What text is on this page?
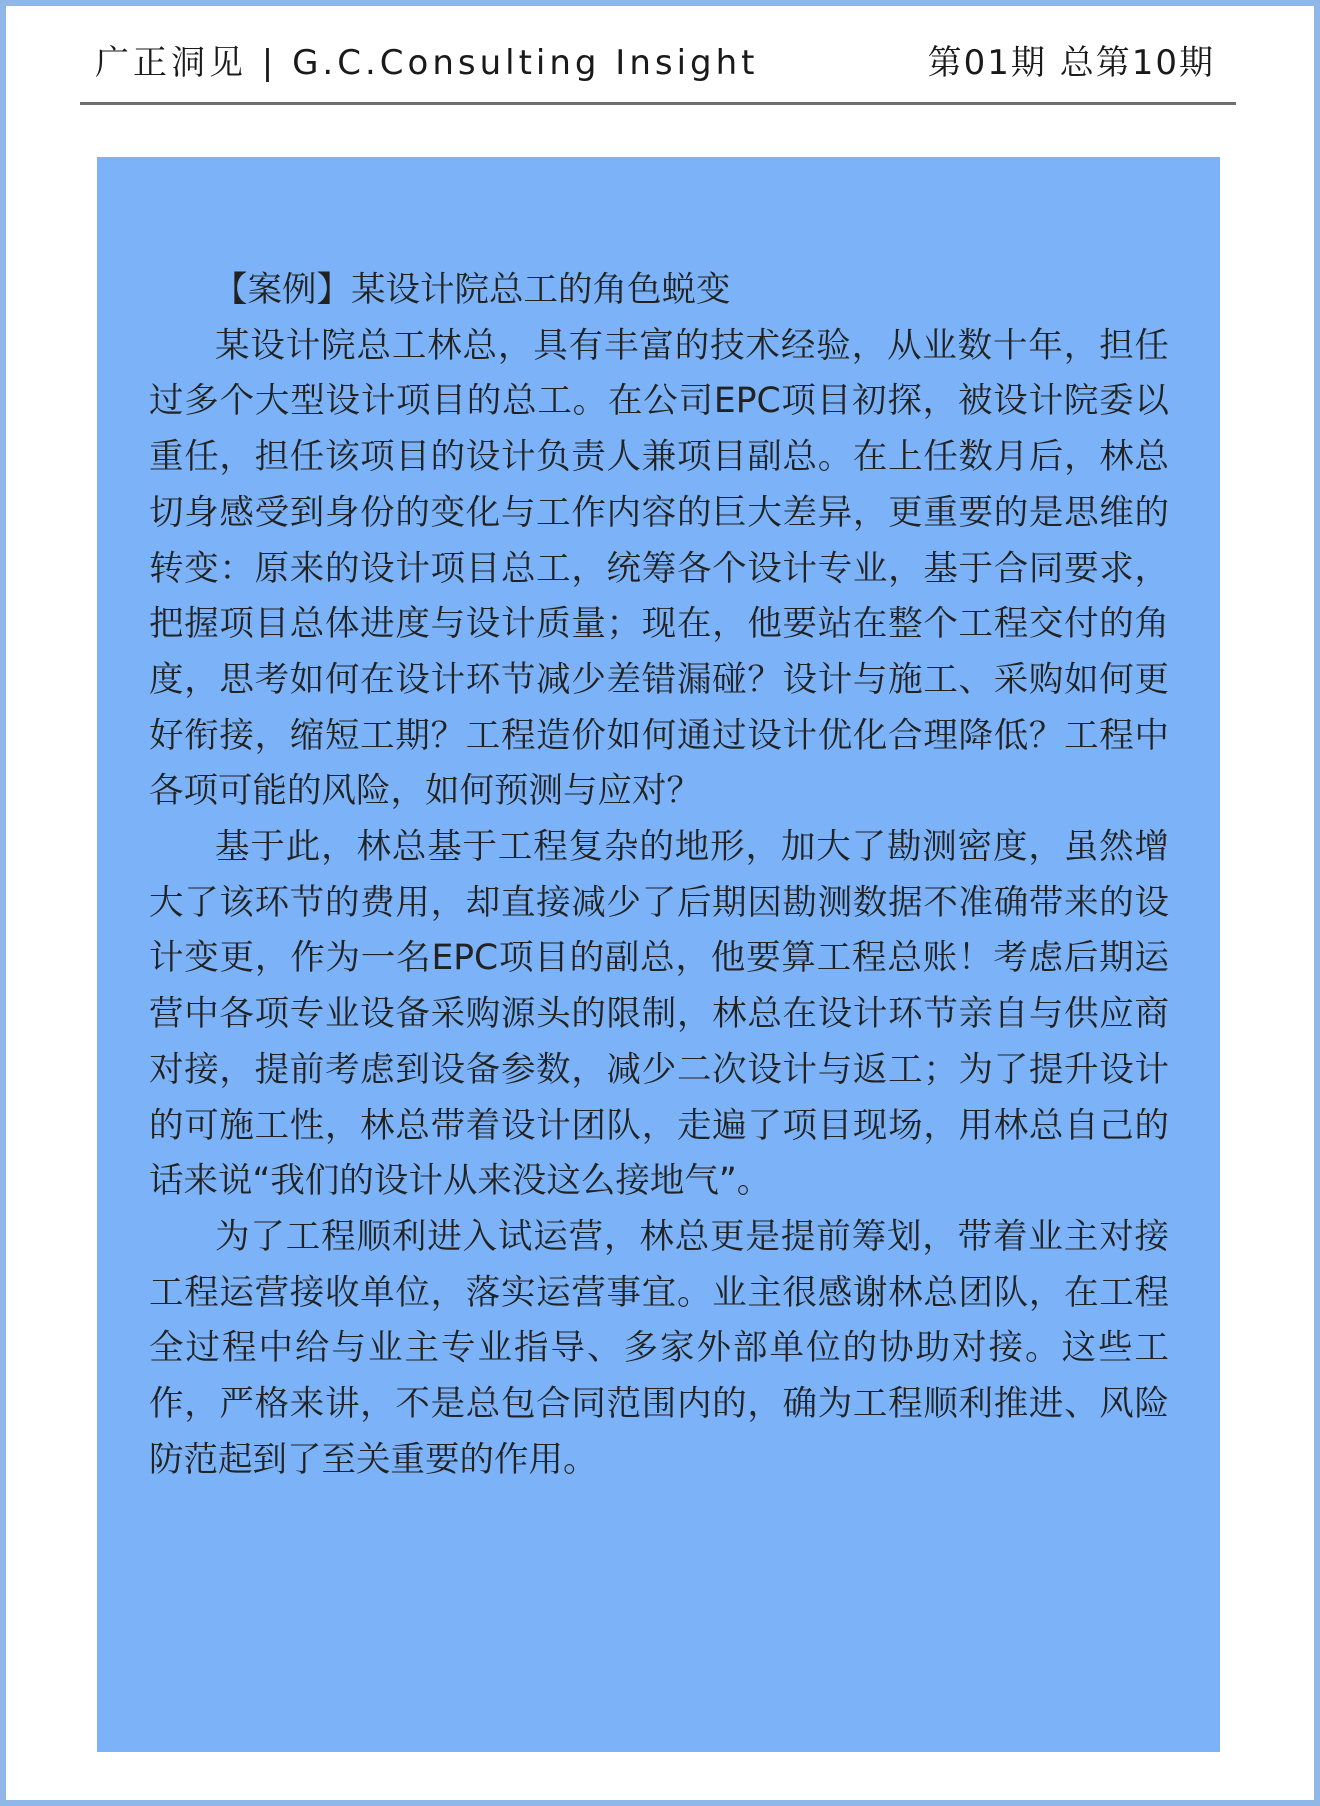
广正洞见 | G.C.Consulting Insight	第01期 总第10期
【案例】某设计院总工的角色蜕变

某设计院总工林总，具有丰富的技术经验，从业数十年，担任过多个大型设计项目的总工。在公司EPC项目初探，被设计院委以重任，担任该项目的设计负责人兼项目副总。在上任数月后，林总切身感受到身份的变化与工作内容的巨大差异，更重要的是思维的转变：原来的设计项目总工，统筹各个设计专业，基于合同要求，把握项目总体进度与设计质量；现在，他要站在整个工程交付的角度，思考如何在设计环节减少差错漏碰？设计与施工、采购如何更好衔接，缩短工期？工程造价如何通过设计优化合理降低？工程中各项可能的风险，如何预测与应对？

基于此，林总基于工程复杂的地形，加大了勘测密度，虽然增大了该环节的费用，却直接减少了后期因勘测数据不准确带来的设计变更，作为一名EPC项目的副总，他要算工程总账！考虑后期运营中各项专业设备采购源头的限制，林总在设计环节亲自与供应商对接，提前考虑到设备参数，减少二次设计与返工；为了提升设计的可施工性，林总带着设计团队，走遍了项目现场，用林总自己的话来说“我们的设计从来没这么接地气”。

为了工程顺利进入试运营，林总更是提前筹划，带着业主对接工程运营接收单位，落实运营事宜。业主很感谢林总团队，在工程全过程中给与业主专业指导、多家外部单位的协助对接。这些工作，严格来讲，不是总包合同范围内的，确为工程顺利推进、风险防范起到了至关重要的作用。
